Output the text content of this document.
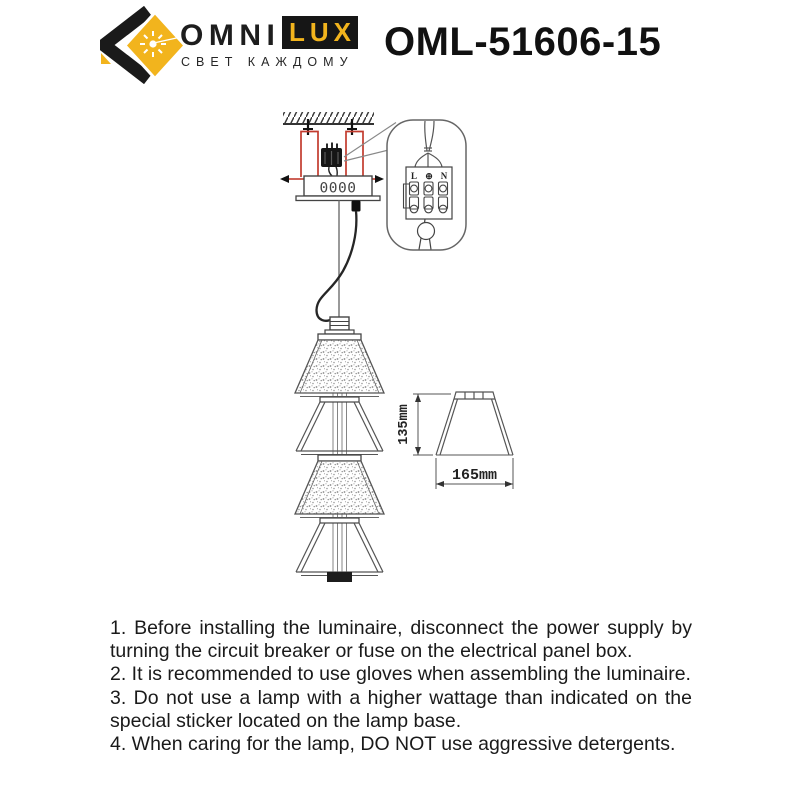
OMNI LUX
СВЕТ КАЖДОМУ OML-51606-15
0000
L ⊕ N
135mm
165mm

1. Before installing the luminaire, disconnect the power supply by turning the circuit breaker or fuse on the electrical panel box.

2. It is recommended to use gloves when assembling the luminaire.

3. Do not use a lamp with a higher wattage than indicated on the special sticker located on the lamp base.

4. When caring for the lamp, DO NOT use aggressive detergents.
